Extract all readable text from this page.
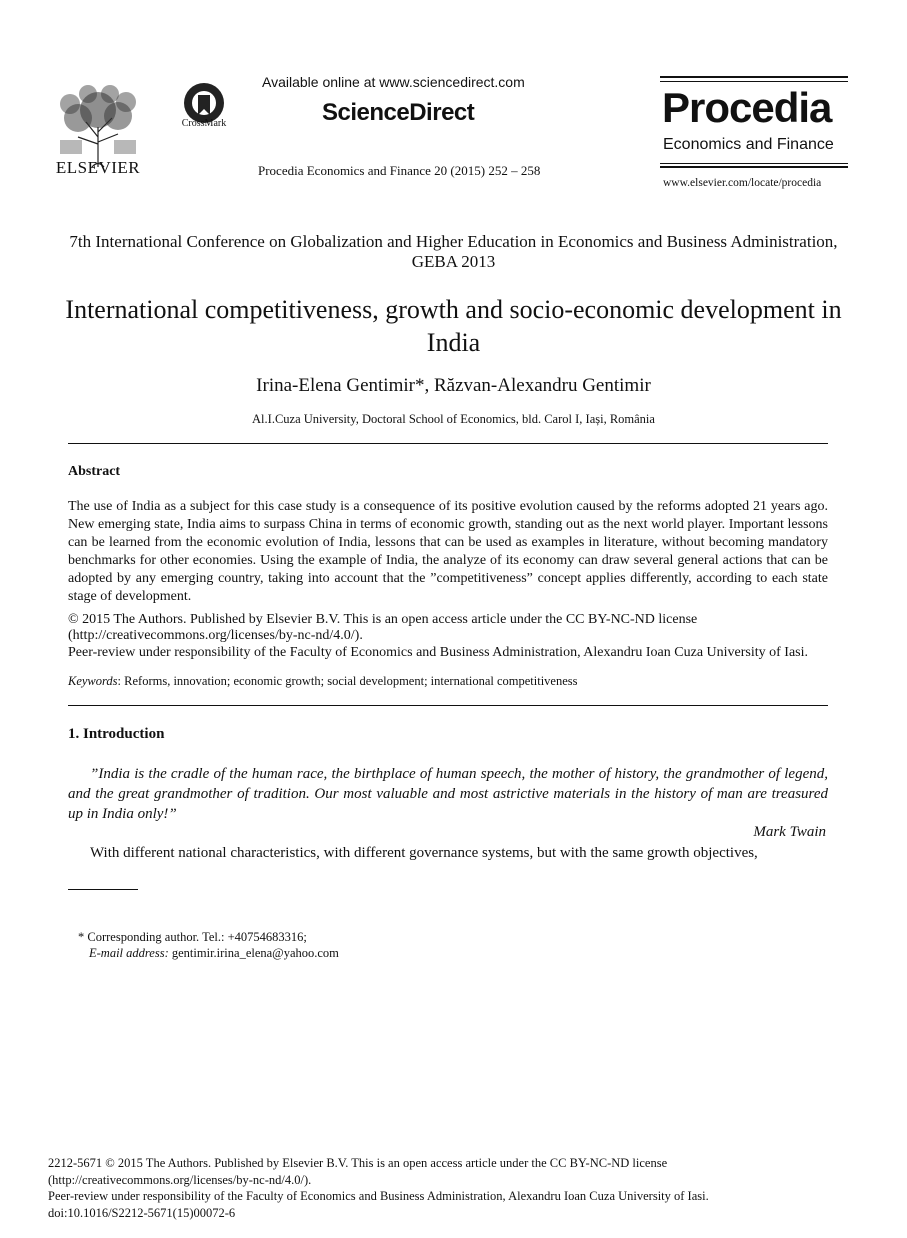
ELSEVIER
CrossMark
Available online at www.sciencedirect.com
ScienceDirect
Procedia Economics and Finance 20 (2015) 252 – 258
Procedia
Economics and Finance
www.elsevier.com/locate/procedia
7th International Conference on Globalization and Higher Education in Economics and Business Administration, GEBA 2013
International competitiveness, growth and socio-economic development in India
Irina-Elena Gentimir*, Răzvan-Alexandru Gentimir
Al.I.Cuza University, Doctoral School of Economics, bld. Carol I, Iași, România
Abstract
The use of India as a subject for this case study is a consequence of its positive evolution caused by the reforms adopted 21 years ago. New emerging state, India aims to surpass China in terms of economic growth, standing out as the next world player. Important lessons can be learned from the economic evolution of India, lessons that can be used as examples in literature, without becoming mandatory benchmarks for other economies. Using the example of India, the analyze of its economy can draw several general actions that can be adopted by any emerging country, taking into account that the ”competitiveness” concept applies differently, according to each state stage of development.
© 2015 The Authors. Published by Elsevier B.V. This is an open access article under the CC BY-NC-ND license
(http://creativecommons.org/licenses/by-nc-nd/4.0/).
Peer-review under responsibility of the Faculty of Economics and Business Administration, Alexandru Ioan Cuza University of Iasi.
Keywords: Reforms, innovation; economic growth; social development; international competitiveness
1. Introduction
”India is the cradle of the human race, the birthplace of human speech, the mother of history, the grandmother of legend, and the great grandmother of tradition. Our most valuable and most astrictive materials in the history of man are treasured up in India only!”
Mark Twain
With different national characteristics, with different governance systems, but with the same growth objectives,
* Corresponding author. Tel.: +40754683316;
E-mail address: gentimir.irina_elena@yahoo.com
2212-5671 © 2015 The Authors. Published by Elsevier B.V. This is an open access article under the CC BY-NC-ND license
(http://creativecommons.org/licenses/by-nc-nd/4.0/).
Peer-review under responsibility of the Faculty of Economics and Business Administration, Alexandru Ioan Cuza University of Iasi.
doi:10.1016/S2212-5671(15)00072-6
